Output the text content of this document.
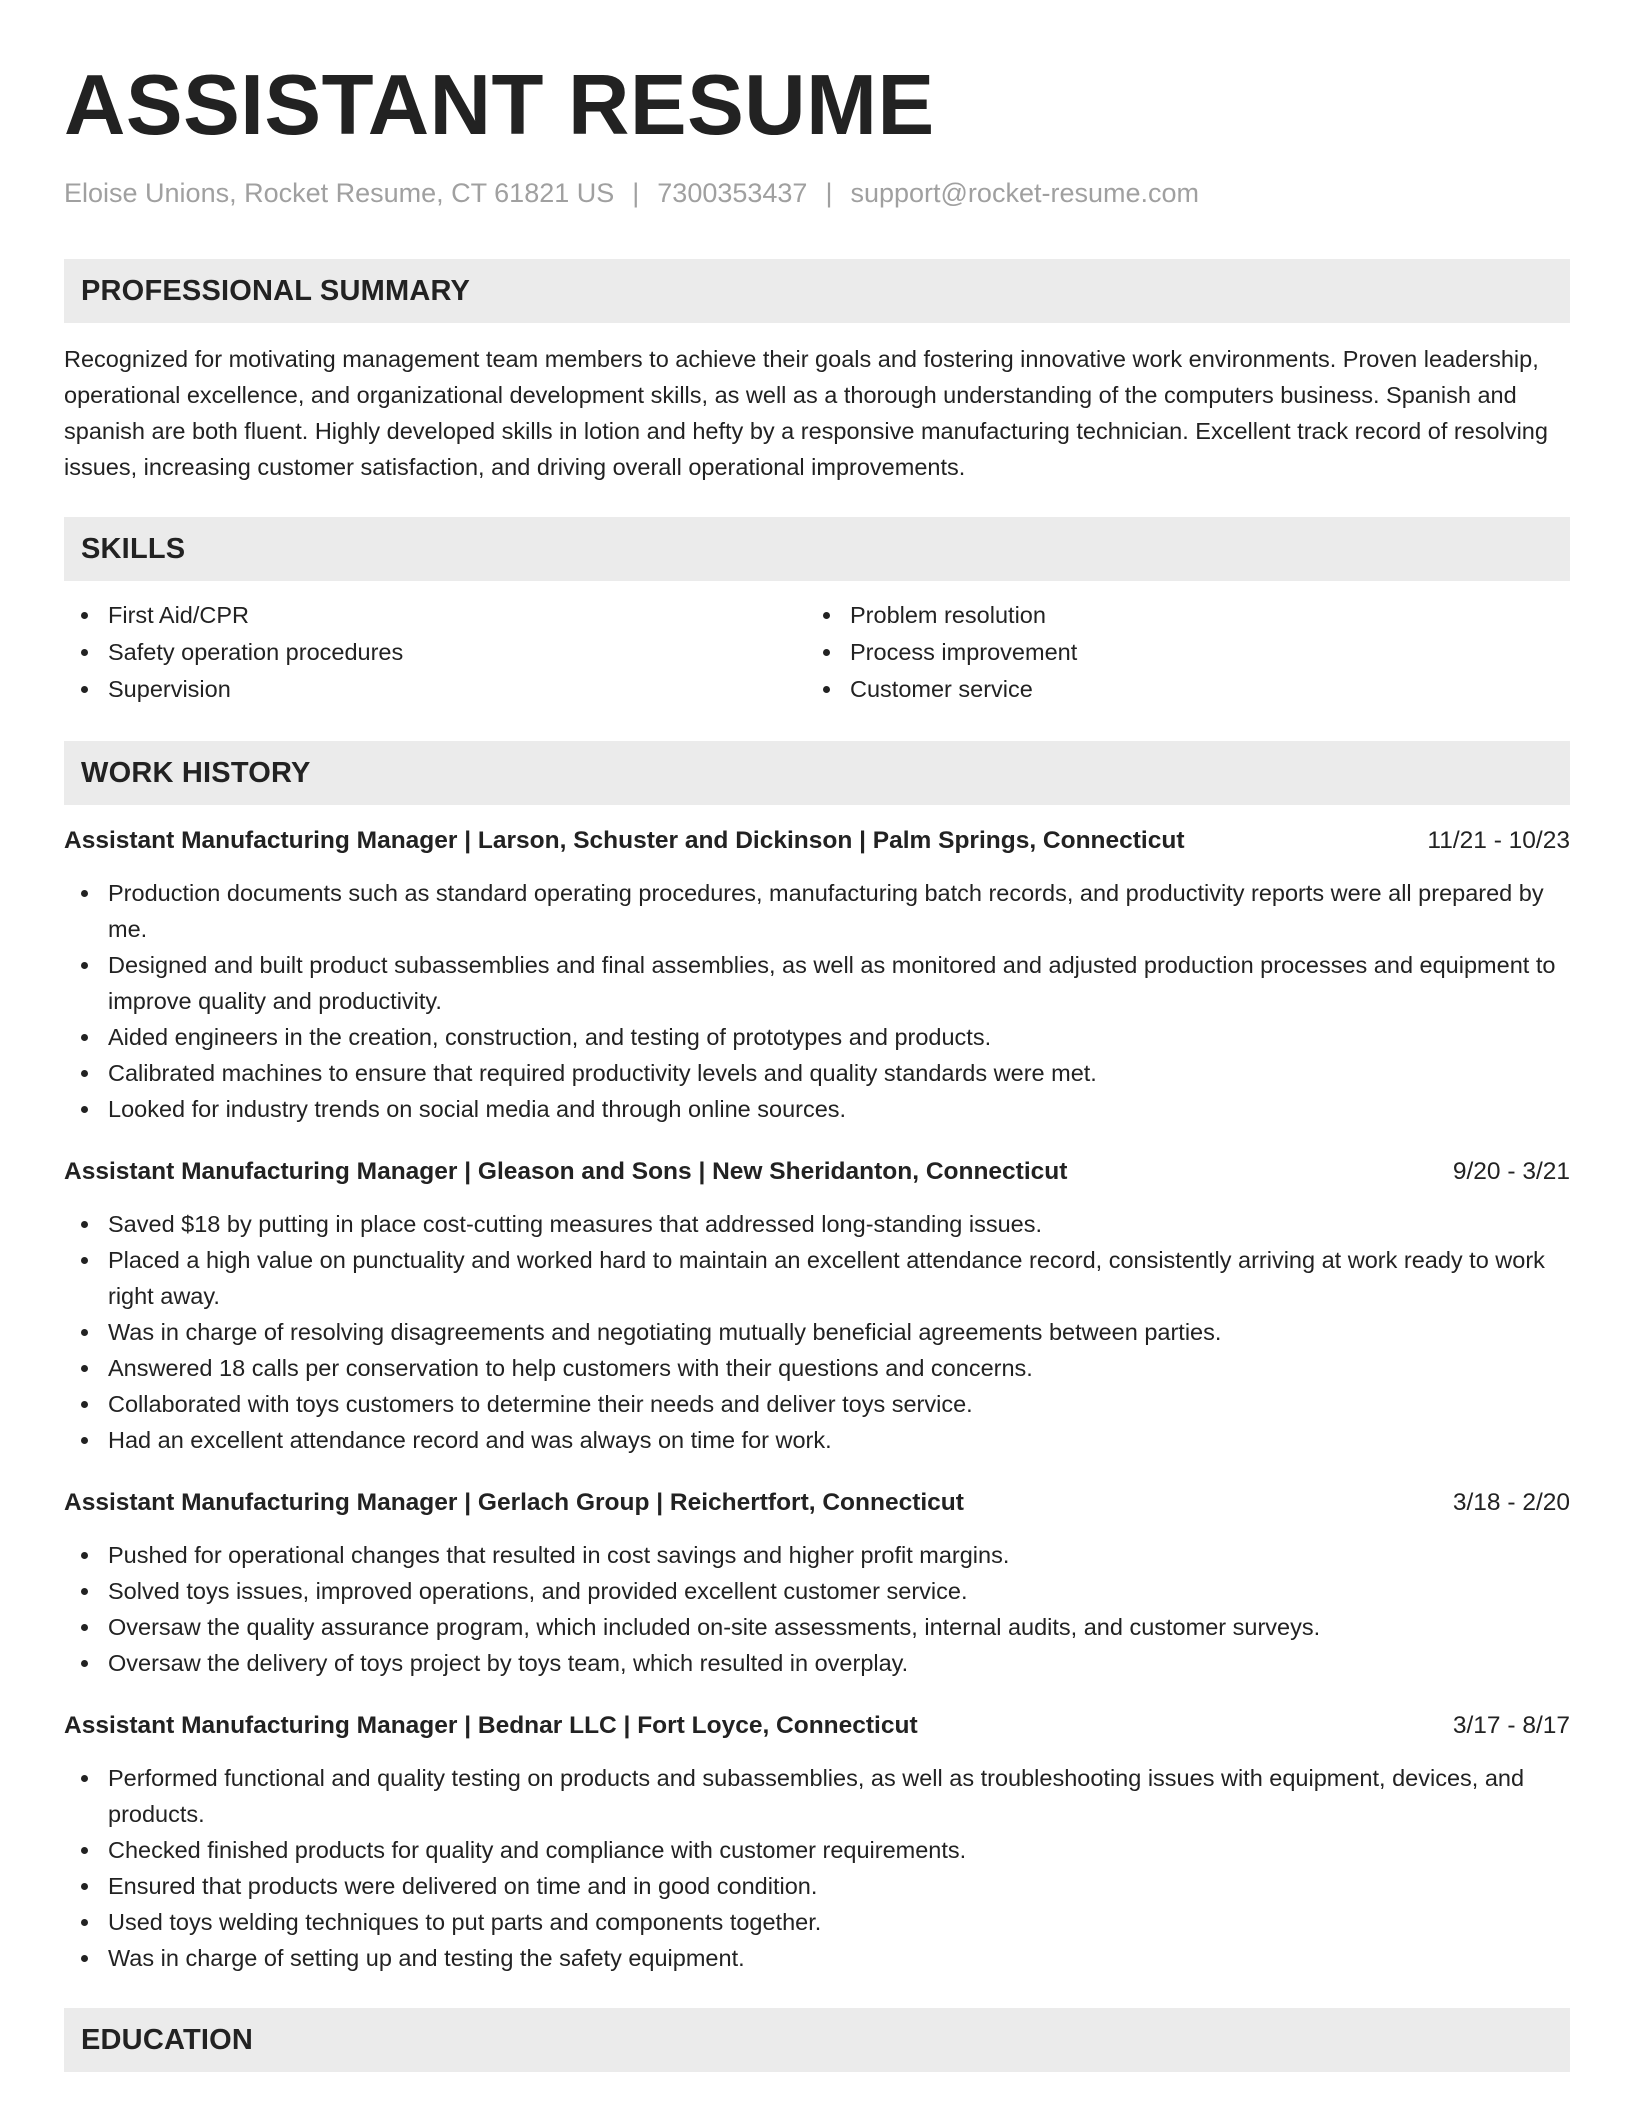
ASSISTANT RESUME
Eloise Unions, Rocket Resume, CT 61821 US | 7300353437 | support@rocket-resume.com
PROFESSIONAL SUMMARY

Recognized for motivating management team members to achieve their goals and fostering innovative work environments. Proven leadership, operational excellence, and organizational development skills, as well as a thorough understanding of the computers business. Spanish and spanish are both fluent. Highly developed skills in lotion and hefty by a responsive manufacturing technician. Excellent track record of resolving issues, increasing customer satisfaction, and driving overall operational improvements.

SKILLS
First Aid/CPR
Safety operation procedures
Supervision
Problem resolution
Process improvement
Customer service
WORK HISTORY
Assistant Manufacturing Manager | Larson, Schuster and Dickinson | Palm Springs, Connecticut	11/21 - 10/23
Production documents such as standard operating procedures, manufacturing batch records, and productivity reports were all prepared by me.
Designed and built product subassemblies and final assemblies, as well as monitored and adjusted production processes and equipment to improve quality and productivity.
Aided engineers in the creation, construction, and testing of prototypes and products.
Calibrated machines to ensure that required productivity levels and quality standards were met.
Looked for industry trends on social media and through online sources.
Assistant Manufacturing Manager | Gleason and Sons | New Sheridanton, Connecticut	9/20 - 3/21
Saved $18 by putting in place cost-cutting measures that addressed long-standing issues.
Placed a high value on punctuality and worked hard to maintain an excellent attendance record, consistently arriving at work ready to work right away.
Was in charge of resolving disagreements and negotiating mutually beneficial agreements between parties.
Answered 18 calls per conservation to help customers with their questions and concerns.
Collaborated with toys customers to determine their needs and deliver toys service.
Had an excellent attendance record and was always on time for work.
Assistant Manufacturing Manager | Gerlach Group | Reichertfort, Connecticut	3/18 - 2/20
Pushed for operational changes that resulted in cost savings and higher profit margins.
Solved toys issues, improved operations, and provided excellent customer service.
Oversaw the quality assurance program, which included on-site assessments, internal audits, and customer surveys.
Oversaw the delivery of toys project by toys team, which resulted in overplay.
Assistant Manufacturing Manager | Bednar LLC | Fort Loyce, Connecticut	3/17 - 8/17
Performed functional and quality testing on products and subassemblies, as well as troubleshooting issues with equipment, devices, and products.
Checked finished products for quality and compliance with customer requirements.
Ensured that products were delivered on time and in good condition.
Used toys welding techniques to put parts and components together.
Was in charge of setting up and testing the safety equipment.
EDUCATION
